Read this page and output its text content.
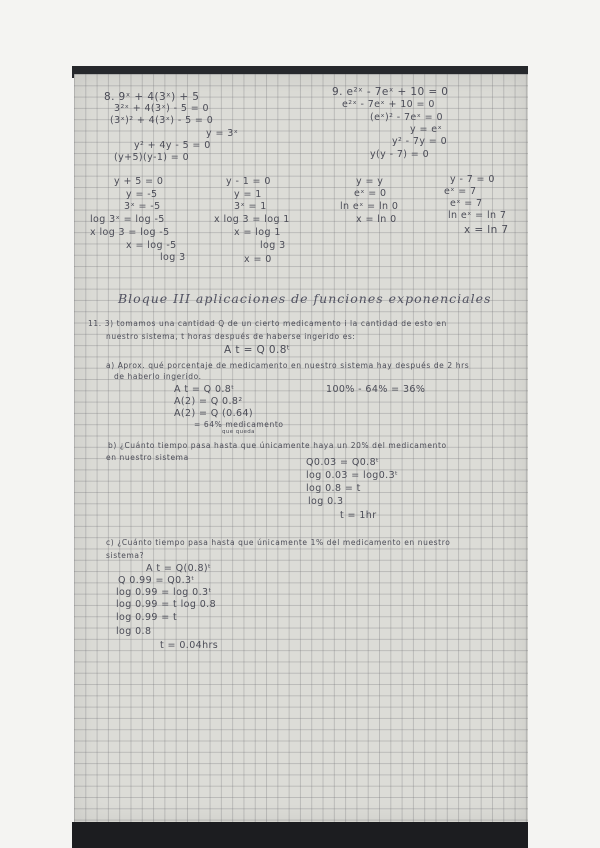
8. 9ˣ + 4(3ˣ) + 5
3²ˣ + 4(3ˣ) - 5 = 0
(3ˣ)² + 4(3ˣ) - 5 = 0
y = 3ˣ
y² + 4y - 5 = 0
(y+5)(y-1) = 0
y + 5 = 0
y = -5
3ˣ = -5
log 3ˣ = log -5
x log 3 = log -5
x = log -5
log 3
y - 1 = 0
y = 1
3ˣ = 1
x log 3 = log 1
x = log 1
log 3
x = 0
9. e²ˣ - 7eˣ + 10 = 0
e²ˣ - 7eˣ + 10 = 0
(eˣ)² - 7eˣ = 0
y = eˣ
y² - 7y = 0
y(y - 7) = 0
y = y
eˣ = 0
ln eˣ = ln 0
x = ln 0
y - 7 = 0
eˣ = 7
eˣ = 7
ln eˣ = ln 7
x = ln 7
Bloque III aplicaciones de funciones exponenciales
11. 3) tomamos una cantidad Q de un cierto medicamento i la cantidad de esto en
nuestro sistema, t horas después de haberse ingerido es:
A t = Q 0.8ᵗ
a) Aprox. qué porcentaje de medicamento en nuestro sistema hay después de 2 hrs
de haberlo ingerido.
A t = Q 0.8ᵗ
A(2) = Q 0.8²
A(2) = Q (0.64)
= 64% medicamento
que queda
100% - 64% = 36%
b) ¿Cuánto tiempo pasa hasta que únicamente haya un 20% del medicamento
en nuestro sistema	Q0.03 = Q0.8ᵗ
log 0.03 = log0.3ᵗ
log 0.8 = t
log 0.3
t = 1hr
c) ¿Cuánto tiempo pasa hasta que únicamente 1% del medicamento en nuestro
sistema?
A t = Q(0.8)ᵗ
Q 0.99 = Q0.3ᵗ
log 0.99 = log 0.3ᵗ
log 0.99 = t log 0.8
log 0.99 = t
log 0.8
t = 0.04hrs
